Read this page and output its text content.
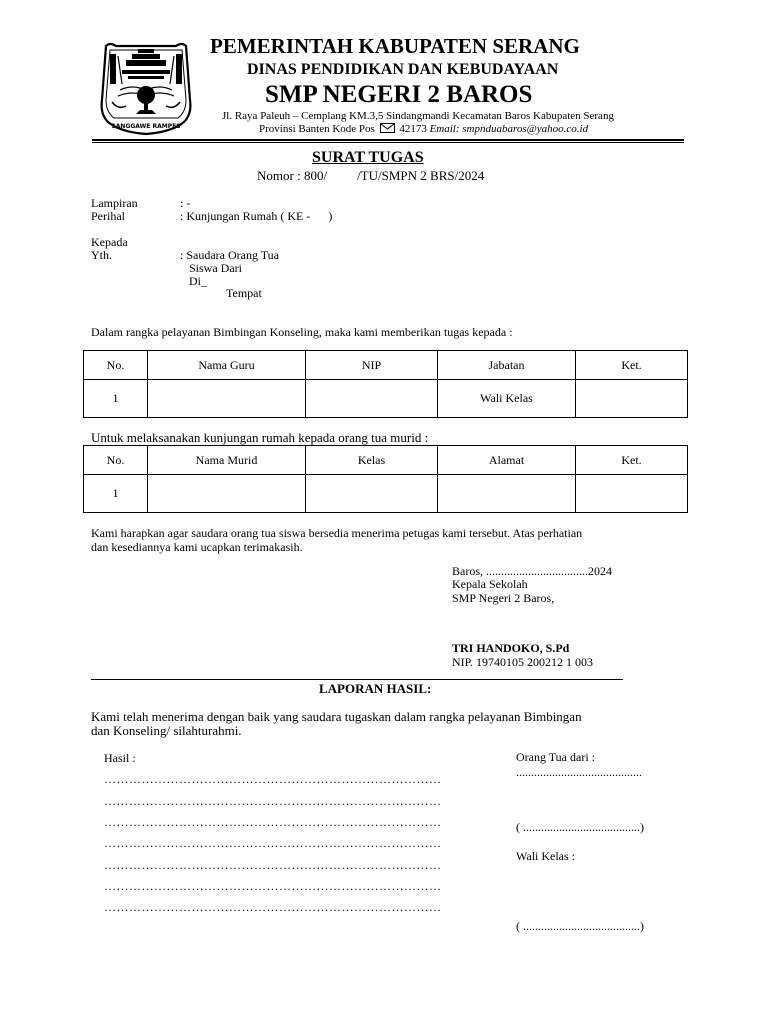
SANGGAWE RAMPES
PEMERINTAH KABUPATEN SERANG
DINAS PENDIDIKAN DAN KEBUDAYAAN
SMP NEGERI 2 BAROS
Jl. Raya Paleuh – Cemplang KM.3,5 Sindangmandi Kecamatan Baros Kabupaten Serang
Provinsi Banten Kode Pos 42173 Email: smpnduabaros@yahoo.co.id
SURAT TUGAS
Nomor : 800/ /TU/SMPN 2 BRS/2024
Lampiran	: -
Perihal	: Kunjungan Rumah ( KE -      )
Kepada
Yth.	: Saudara Orang Tua
Siswa Dari
Di_
Tempat
Dalam rangka pelayanan Bimbingan Konseling, maka kami memberikan tugas kepada :
No.	Nama Guru	NIP	Jabatan	Ket.
1			Wali Kelas	
Untuk melaksanakan kunjungan rumah kepada orang tua murid :
No.	Nama Murid	Kelas	Alamat	Ket.
1				
Kami harapkan agar saudara orang tua siswa bersedia menerima petugas kami tersebut. Atas perhatian
dan kesediannya kami ucapkan terimakasih.
Baros, ..................................2024
Kepala Sekolah
SMP Negeri 2 Baros,
TRI HANDOKO, S.Pd
NIP. 19740105 200212 1 003
LAPORAN HASIL:
Kami telah menerima dengan baik yang saudara tugaskan dalam rangka pelayanan Bimbingan
dan Konseling/ silahturahmi.
Hasil :
………………………………………………………………………
………………………………………………………………………
………………………………………………………………………
………………………………………………………………………
………………………………………………………………………
………………………………………………………………………
………………………………………………………………………
Orang Tua dari :
..........................................
( .......................................)
Wali Kelas :
( .......................................)
